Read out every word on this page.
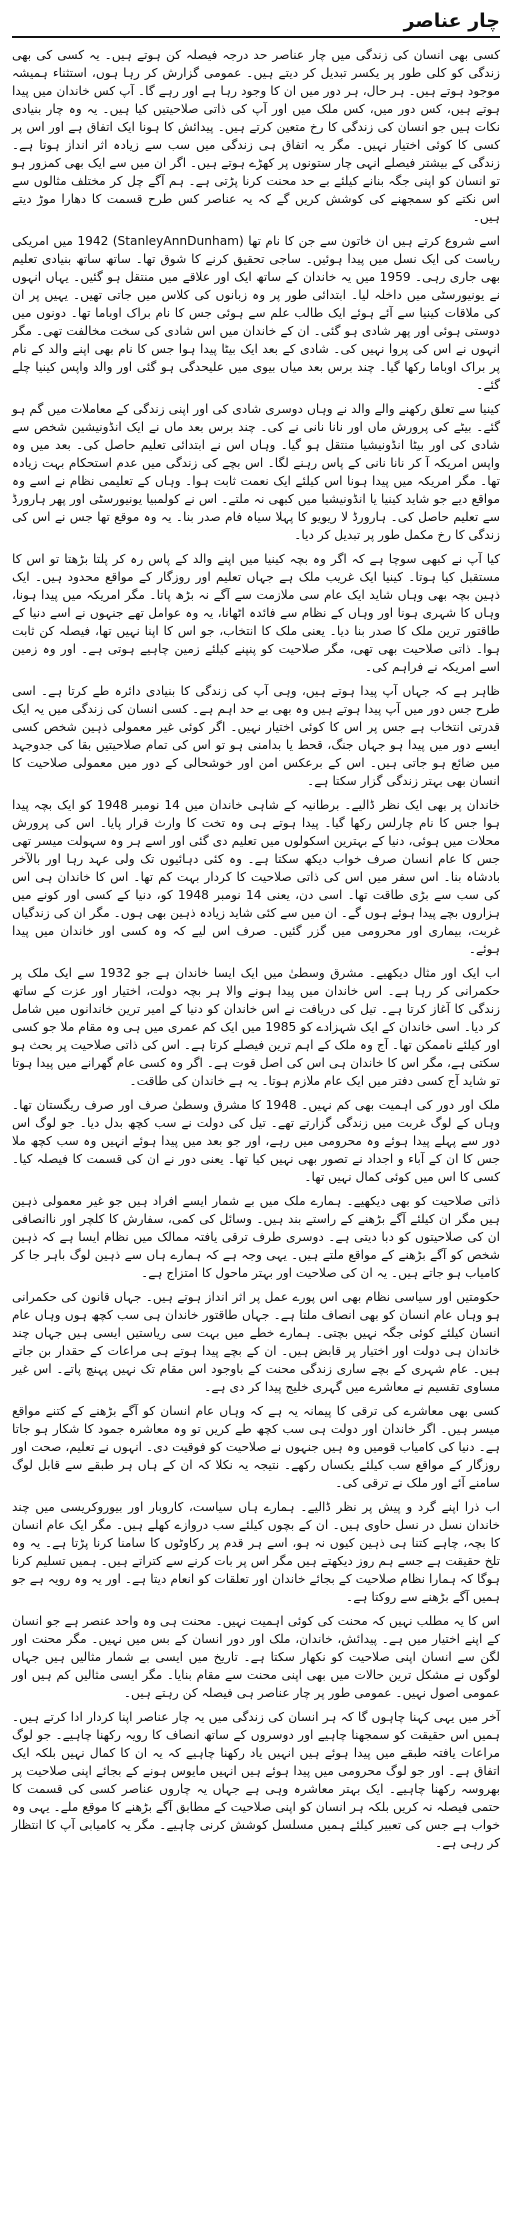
چار عناصر

کسی بھی انسان کی زندگی میں چار عناصر حد درجہ فیصلہ کن ہوتے ہیں۔ یہ کسی کی بھی زندگی کو کلی طور پر یکسر تبدیل کر دیتے ہیں۔ عمومی گزارش کر رہا ہوں، استثناء ہمیشہ موجود ہوتے ہیں۔ ہر حال، ہر دور میں ان کا وجود رہا ہے اور رہے گا۔ آپ کس خاندان میں پیدا ہوتے ہیں، کس دور میں، کس ملک میں اور آپ کی ذاتی صلاحیتیں کیا ہیں۔ یہ وہ چار بنیادی نکات ہیں جو انسان کی زندگی کا رخ متعین کرتے ہیں۔ پیدائش کا ہونا ایک اتفاق ہے اور اس پر کسی کا کوئی اختیار نہیں۔ مگر یہ اتفاق ہی زندگی میں سب سے زیادہ اثر انداز ہوتا ہے۔ زندگی کے بیشتر فیصلے انہی چار ستونوں پر کھڑے ہوتے ہیں۔ اگر ان میں سے ایک بھی کمزور ہو تو انسان کو اپنی جگہ بنانے کیلئے بے حد محنت کرنا پڑتی ہے۔ ہم آگے چل کر مختلف مثالوں سے اس نکتے کو سمجھنے کی کوشش کریں گے کہ یہ عناصر کس طرح قسمت کا دھارا موڑ دیتے ہیں۔

اسے شروع کرتے ہیں ان خاتون سے جن کا نام تھا (StanleyAnnDunham) 1942 میں امریکی ریاست کی ایک نسل میں پیدا ہوئیں۔ ساجی تحقیق کرنے کا شوق تھا۔ ساتھ ساتھ بنیادی تعلیم بھی جاری رہی۔ 1959 میں یہ خاندان کے ساتھ ایک اور علاقے میں منتقل ہو گئیں۔ یہاں انہوں نے یونیورسٹی میں داخلہ لیا۔ ابتدائی طور پر وہ زبانوں کی کلاس میں جاتی تھیں۔ یہیں پر ان کی ملاقات کینیا سے آئے ہوئے ایک طالب علم سے ہوئی جس کا نام براک اوباما تھا۔ دونوں میں دوستی ہوئی اور پھر شادی ہو گئی۔ ان کے خاندان میں اس شادی کی سخت مخالفت تھی۔ مگر انہوں نے اس کی پروا نہیں کی۔ شادی کے بعد ایک بیٹا پیدا ہوا جس کا نام بھی اپنے والد کے نام پر براک اوباما رکھا گیا۔ چند برس بعد میاں بیوی میں علیحدگی ہو گئی اور والد واپس کینیا چلے گئے۔

کینیا سے تعلق رکھنے والے والد نے وہاں دوسری شادی کی اور اپنی زندگی کے معاملات میں گم ہو گئے۔ بیٹے کی پرورش ماں اور نانا نانی نے کی۔ چند برس بعد ماں نے ایک انڈونیشین شخص سے شادی کی اور بیٹا انڈونیشیا منتقل ہو گیا۔ وہاں اس نے ابتدائی تعلیم حاصل کی۔ بعد میں وہ واپس امریکہ آ کر نانا نانی کے پاس رہنے لگا۔ اس بچے کی زندگی میں عدم استحکام بہت زیادہ تھا۔ مگر امریکہ میں پیدا ہونا اس کیلئے ایک نعمت ثابت ہوا۔ وہاں کے تعلیمی نظام نے اسے وہ مواقع دیے جو شاید کینیا یا انڈونیشیا میں کبھی نہ ملتے۔ اس نے کولمبیا یونیورسٹی اور پھر ہارورڈ سے تعلیم حاصل کی۔ ہارورڈ لا ریویو کا پہلا سیاہ فام صدر بنا۔ یہ وہ موقع تھا جس نے اس کی زندگی کا رخ مکمل طور پر تبدیل کر دیا۔

کیا آپ نے کبھی سوچا ہے کہ اگر وہ بچہ کینیا میں اپنے والد کے پاس رہ کر پلتا بڑھتا تو اس کا مستقبل کیا ہوتا۔ کینیا ایک غریب ملک ہے جہاں تعلیم اور روزگار کے مواقع محدود ہیں۔ ایک ذہین بچہ بھی وہاں شاید ایک عام سی ملازمت سے آگے نہ بڑھ پاتا۔ مگر امریکہ میں پیدا ہونا، وہاں کا شہری ہونا اور وہاں کے نظام سے فائدہ اٹھانا، یہ وہ عوامل تھے جنہوں نے اسے دنیا کے طاقتور ترین ملک کا صدر بنا دیا۔ یعنی ملک کا انتخاب، جو اس کا اپنا نہیں تھا، فیصلہ کن ثابت ہوا۔ ذاتی صلاحیت بھی تھی، مگر صلاحیت کو پنپنے کیلئے زمین چاہیے ہوتی ہے۔ اور وہ زمین اسے امریکہ نے فراہم کی۔

ظاہر ہے کہ جہاں آپ پیدا ہوتے ہیں، وہی آپ کی زندگی کا بنیادی دائرہ طے کرتا ہے۔ اسی طرح جس دور میں آپ پیدا ہوتے ہیں وہ بھی بے حد اہم ہے۔ کسی انسان کی زندگی میں یہ ایک قدرتی انتخاب ہے جس پر اس کا کوئی اختیار نہیں۔ اگر کوئی غیر معمولی ذہین شخص کسی ایسے دور میں پیدا ہو جہاں جنگ، قحط یا بدامنی ہو تو اس کی تمام صلاحیتیں بقا کی جدوجہد میں ضائع ہو جاتی ہیں۔ اس کے برعکس امن اور خوشحالی کے دور میں معمولی صلاحیت کا انسان بھی بہتر زندگی گزار سکتا ہے۔

خاندان پر بھی ایک نظر ڈالیے۔ برطانیہ کے شاہی خاندان میں 14 نومبر 1948 کو ایک بچہ پیدا ہوا جس کا نام چارلس رکھا گیا۔ پیدا ہوتے ہی وہ تخت کا وارث قرار پایا۔ اس کی پرورش محلات میں ہوئی، دنیا کے بہترین اسکولوں میں تعلیم دی گئی اور اسے ہر وہ سہولت میسر تھی جس کا عام انسان صرف خواب دیکھ سکتا ہے۔ وہ کئی دہائیوں تک ولی عہد رہا اور بالآخر بادشاہ بنا۔ اس سفر میں اس کی ذاتی صلاحیت کا کردار بہت کم تھا۔ اس کا خاندان ہی اس کی سب سے بڑی طاقت تھا۔ اسی دن، یعنی 14 نومبر 1948 کو، دنیا کے کسی اور کونے میں ہزاروں بچے پیدا ہوئے ہوں گے۔ ان میں سے کئی شاید زیادہ ذہین بھی ہوں۔ مگر ان کی زندگیاں غربت، بیماری اور محرومی میں گزر گئیں۔ صرف اس لیے کہ وہ کسی اور خاندان میں پیدا ہوئے۔

اب ایک اور مثال دیکھیے۔ مشرق وسطیٰ میں ایک ایسا خاندان ہے جو 1932 سے ایک ملک پر حکمرانی کر رہا ہے۔ اس خاندان میں پیدا ہونے والا ہر بچہ دولت، اختیار اور عزت کے ساتھ زندگی کا آغاز کرتا ہے۔ تیل کی دریافت نے اس خاندان کو دنیا کے امیر ترین خاندانوں میں شامل کر دیا۔ اسی خاندان کے ایک شہزادے کو 1985 میں ایک کم عمری میں ہی وہ مقام ملا جو کسی اور کیلئے ناممکن تھا۔ آج وہ ملک کے اہم ترین فیصلے کرتا ہے۔ اس کی ذاتی صلاحیت پر بحث ہو سکتی ہے، مگر اس کا خاندان ہی اس کی اصل قوت ہے۔ اگر وہ کسی عام گھرانے میں پیدا ہوتا تو شاید آج کسی دفتر میں ایک عام ملازم ہوتا۔ یہ ہے خاندان کی طاقت۔

ملک اور دور کی اہمیت بھی کم نہیں۔ 1948 کا مشرق وسطیٰ صرف اور صرف ریگستان تھا۔ وہاں کے لوگ غربت میں زندگی گزارتے تھے۔ تیل کی دولت نے سب کچھ بدل دیا۔ جو لوگ اس دور سے پہلے پیدا ہوئے وہ محرومی میں رہے، اور جو بعد میں پیدا ہوئے انہیں وہ سب کچھ ملا جس کا ان کے آباء و اجداد نے تصور بھی نہیں کیا تھا۔ یعنی دور نے ان کی قسمت کا فیصلہ کیا۔ کسی کا اس میں کوئی کمال نہیں تھا۔

ذاتی صلاحیت کو بھی دیکھیے۔ ہمارے ملک میں بے شمار ایسے افراد ہیں جو غیر معمولی ذہین ہیں مگر ان کیلئے آگے بڑھنے کے راستے بند ہیں۔ وسائل کی کمی، سفارش کا کلچر اور ناانصافی ان کی صلاحیتوں کو دبا دیتی ہے۔ دوسری طرف ترقی یافتہ ممالک میں نظام ایسا ہے کہ ذہین شخص کو آگے بڑھنے کے مواقع ملتے ہیں۔ یہی وجہ ہے کہ ہمارے ہاں سے ذہین لوگ باہر جا کر کامیاب ہو جاتے ہیں۔ یہ ان کی صلاحیت اور بہتر ماحول کا امتزاج ہے۔

حکومتیں اور سیاسی نظام بھی اس پورے عمل پر اثر انداز ہوتے ہیں۔ جہاں قانون کی حکمرانی ہو وہاں عام انسان کو بھی انصاف ملتا ہے۔ جہاں طاقتور خاندان ہی سب کچھ ہوں وہاں عام انسان کیلئے کوئی جگہ نہیں بچتی۔ ہمارے خطے میں بہت سی ریاستیں ایسی ہیں جہاں چند خاندان ہی دولت اور اختیار پر قابض ہیں۔ ان کے بچے پیدا ہوتے ہی مراعات کے حقدار بن جاتے ہیں۔ عام شہری کے بچے ساری زندگی محنت کے باوجود اس مقام تک نہیں پہنچ پاتے۔ اس غیر مساوی تقسیم نے معاشرے میں گہری خلیج پیدا کر دی ہے۔

کسی بھی معاشرے کی ترقی کا پیمانہ یہ ہے کہ وہاں عام انسان کو آگے بڑھنے کے کتنے مواقع میسر ہیں۔ اگر خاندان اور دولت ہی سب کچھ طے کریں تو وہ معاشرہ جمود کا شکار ہو جاتا ہے۔ دنیا کی کامیاب قومیں وہ ہیں جنہوں نے صلاحیت کو فوقیت دی۔ انہوں نے تعلیم، صحت اور روزگار کے مواقع سب کیلئے یکساں رکھے۔ نتیجہ یہ نکلا کہ ان کے ہاں ہر طبقے سے قابل لوگ سامنے آئے اور ملک نے ترقی کی۔

اب ذرا اپنے گرد و پیش پر نظر ڈالیے۔ ہمارے ہاں سیاست، کاروبار اور بیوروکریسی میں چند خاندان نسل در نسل حاوی ہیں۔ ان کے بچوں کیلئے سب دروازے کھلے ہیں۔ مگر ایک عام انسان کا بچہ، چاہے کتنا ہی ذہین کیوں نہ ہو، اسے ہر قدم پر رکاوٹوں کا سامنا کرنا پڑتا ہے۔ یہ وہ تلخ حقیقت ہے جسے ہم روز دیکھتے ہیں مگر اس پر بات کرنے سے کتراتے ہیں۔ ہمیں تسلیم کرنا ہوگا کہ ہمارا نظام صلاحیت کے بجائے خاندان اور تعلقات کو انعام دیتا ہے۔ اور یہ وہ رویہ ہے جو ہمیں آگے بڑھنے سے روکتا ہے۔

اس کا یہ مطلب نہیں کہ محنت کی کوئی اہمیت نہیں۔ محنت ہی وہ واحد عنصر ہے جو انسان کے اپنے اختیار میں ہے۔ پیدائش، خاندان، ملک اور دور انسان کے بس میں نہیں۔ مگر محنت اور لگن سے انسان اپنی صلاحیت کو نکھار سکتا ہے۔ تاریخ میں ایسی بے شمار مثالیں ہیں جہاں لوگوں نے مشکل ترین حالات میں بھی اپنی محنت سے مقام بنایا۔ مگر ایسی مثالیں کم ہیں اور عمومی اصول نہیں۔ عمومی طور پر چار عناصر ہی فیصلہ کن رہتے ہیں۔

آخر میں یہی کہنا چاہوں گا کہ ہر انسان کی زندگی میں یہ چار عناصر اپنا کردار ادا کرتے ہیں۔ ہمیں اس حقیقت کو سمجھنا چاہیے اور دوسروں کے ساتھ انصاف کا رویہ رکھنا چاہیے۔ جو لوگ مراعات یافتہ طبقے میں پیدا ہوئے ہیں انہیں یاد رکھنا چاہیے کہ یہ ان کا کمال نہیں بلکہ ایک اتفاق ہے۔ اور جو لوگ محرومی میں پیدا ہوئے ہیں انہیں مایوس ہونے کے بجائے اپنی صلاحیت پر بھروسہ رکھنا چاہیے۔ ایک بہتر معاشرہ وہی ہے جہاں یہ چاروں عناصر کسی کی قسمت کا حتمی فیصلہ نہ کریں بلکہ ہر انسان کو اپنی صلاحیت کے مطابق آگے بڑھنے کا موقع ملے۔ یہی وہ خواب ہے جس کی تعبیر کیلئے ہمیں مسلسل کوشش کرنی چاہیے۔ مگر یہ کامیابی آپ کا انتظار کر رہی ہے۔
